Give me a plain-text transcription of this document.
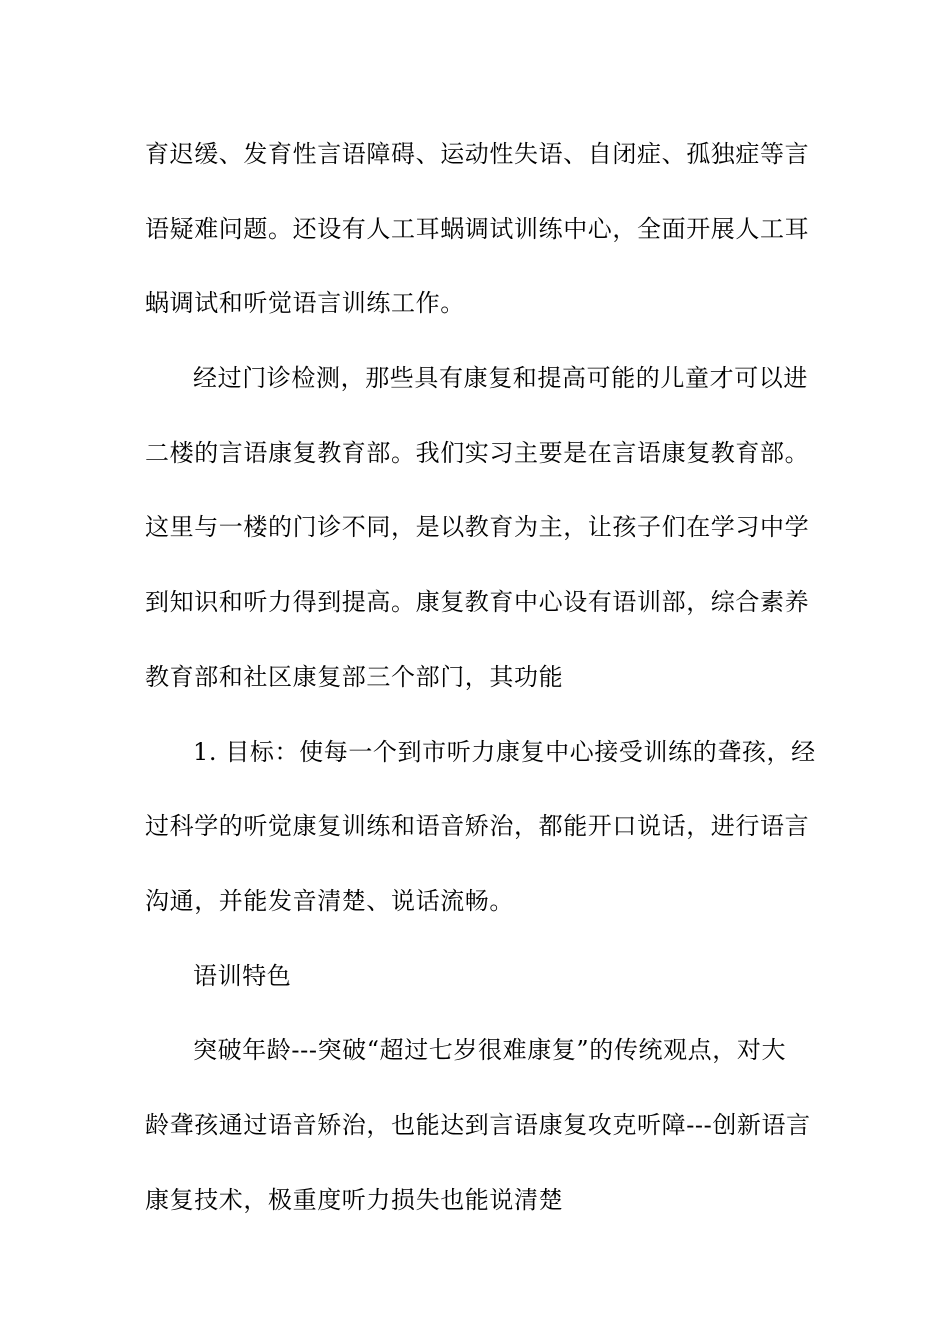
育迟缓、发育性言语障碍、运动性失语、自闭症、孤独症等言
语疑难问题。还设有人工耳蜗调试训练中心，全面开展人工耳
蜗调试和听觉语言训练工作。
经过门诊检测，那些具有康复和提高可能的儿童才可以进
二楼的言语康复教育部。我们实习主要是在言语康复教育部。
这里与一楼的门诊不同，是以教育为主，让孩子们在学习中学
到知识和听力得到提高。康复教育中心设有语训部，综合素养
教育部和社区康复部三个部门，其功能
1. 目标：使每一个到市听力康复中心接受训练的聋孩，经
过科学的听觉康复训练和语音矫治，都能开口说话，进行语言
沟通，并能发音清楚、说话流畅。
语训特色
突破年龄---突破“超过七岁很难康复”的传统观点，对大
龄聋孩通过语音矫治，也能达到言语康复攻克听障---创新语言
康复技术，极重度听力损失也能说清楚
